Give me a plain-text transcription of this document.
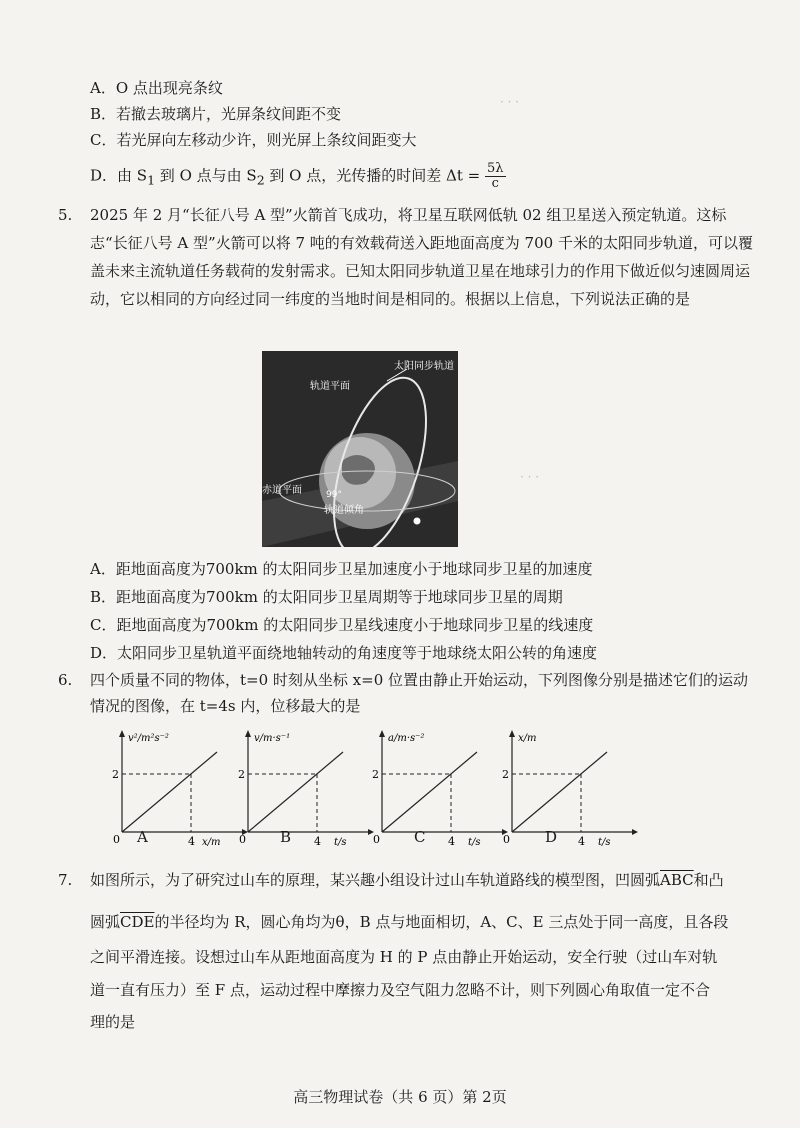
· · ·
· · ·
A．O 点出现亮条纹
B．若撤去玻璃片，光屏条纹间距不变
C．若光屏向左移动少许，则光屏上条纹间距变大
D．由 $S_1$ 到 O 点与由 $S_2$ 到 O 点，光传播的时间差 $\Delta t = \frac{5\lambda}{c}$
5. 2025 年 2 月“长征八号 A 型”火箭首飞成功，将卫星互联网低轨 02 组卫星送入预定轨道。这标志“长征八号 A 型”火箭可以将 7 吨的有效载荷送入距地面高度为 700 千米的太阳同步轨道，可以覆盖未来主流轨道任务载荷的发射需求。已知太阳同步轨道卫星在地球引力的作用下做近似匀速圆周运动，它以相同的方向经过同一纬度的当地时间是相同的。根据以上信息，下列说法正确的是
太阳同步轨道
轨道平面
赤道平面	99°
轨道倾角
A．距地面高度为700km 的太阳同步卫星加速度小于地球同步卫星的加速度
B．距地面高度为700km 的太阳同步卫星周期等于地球同步卫星的周期
C．距地面高度为700km 的太阳同步卫星线速度小于地球同步卫星的线速度
D．太阳同步卫星轨道平面绕地轴转动的角速度等于地球绕太阳公转的角速度
6. 四个质量不同的物体，t=0 时刻从坐标 x=0 位置由静止开始运动，下列图像分别是描述它们的运动
情况的图像，在 t=4s 内，位移最大的是
v²/m²s⁻²
x/m
2
4
0 A
v/m·s⁻¹
t/s
2
4
0 B
a/m·s⁻²
t/s
2
4
0 C
x/m
t/s
2
4
0 D
7. 如图所示，为了研究过山车的原理，某兴趣小组设计过山车轨道路线的模型图，凹圆弧$\overline{ABC}$和凸
圆弧$\overline{CDE}$的半径均为 R，圆心角均为θ，B 点与地面相切，A、C、E 三点处于同一高度，且各段
之间平滑连接。设想过山车从距地面高度为 H 的 P 点由静止开始运动，安全行驶（过山车对轨
道一直有压力）至 F 点，运动过程中摩擦力及空气阻力忽略不计，则下列圆心角取值一定不合
理的是
高三物理试卷（共 6 页）第 2页
